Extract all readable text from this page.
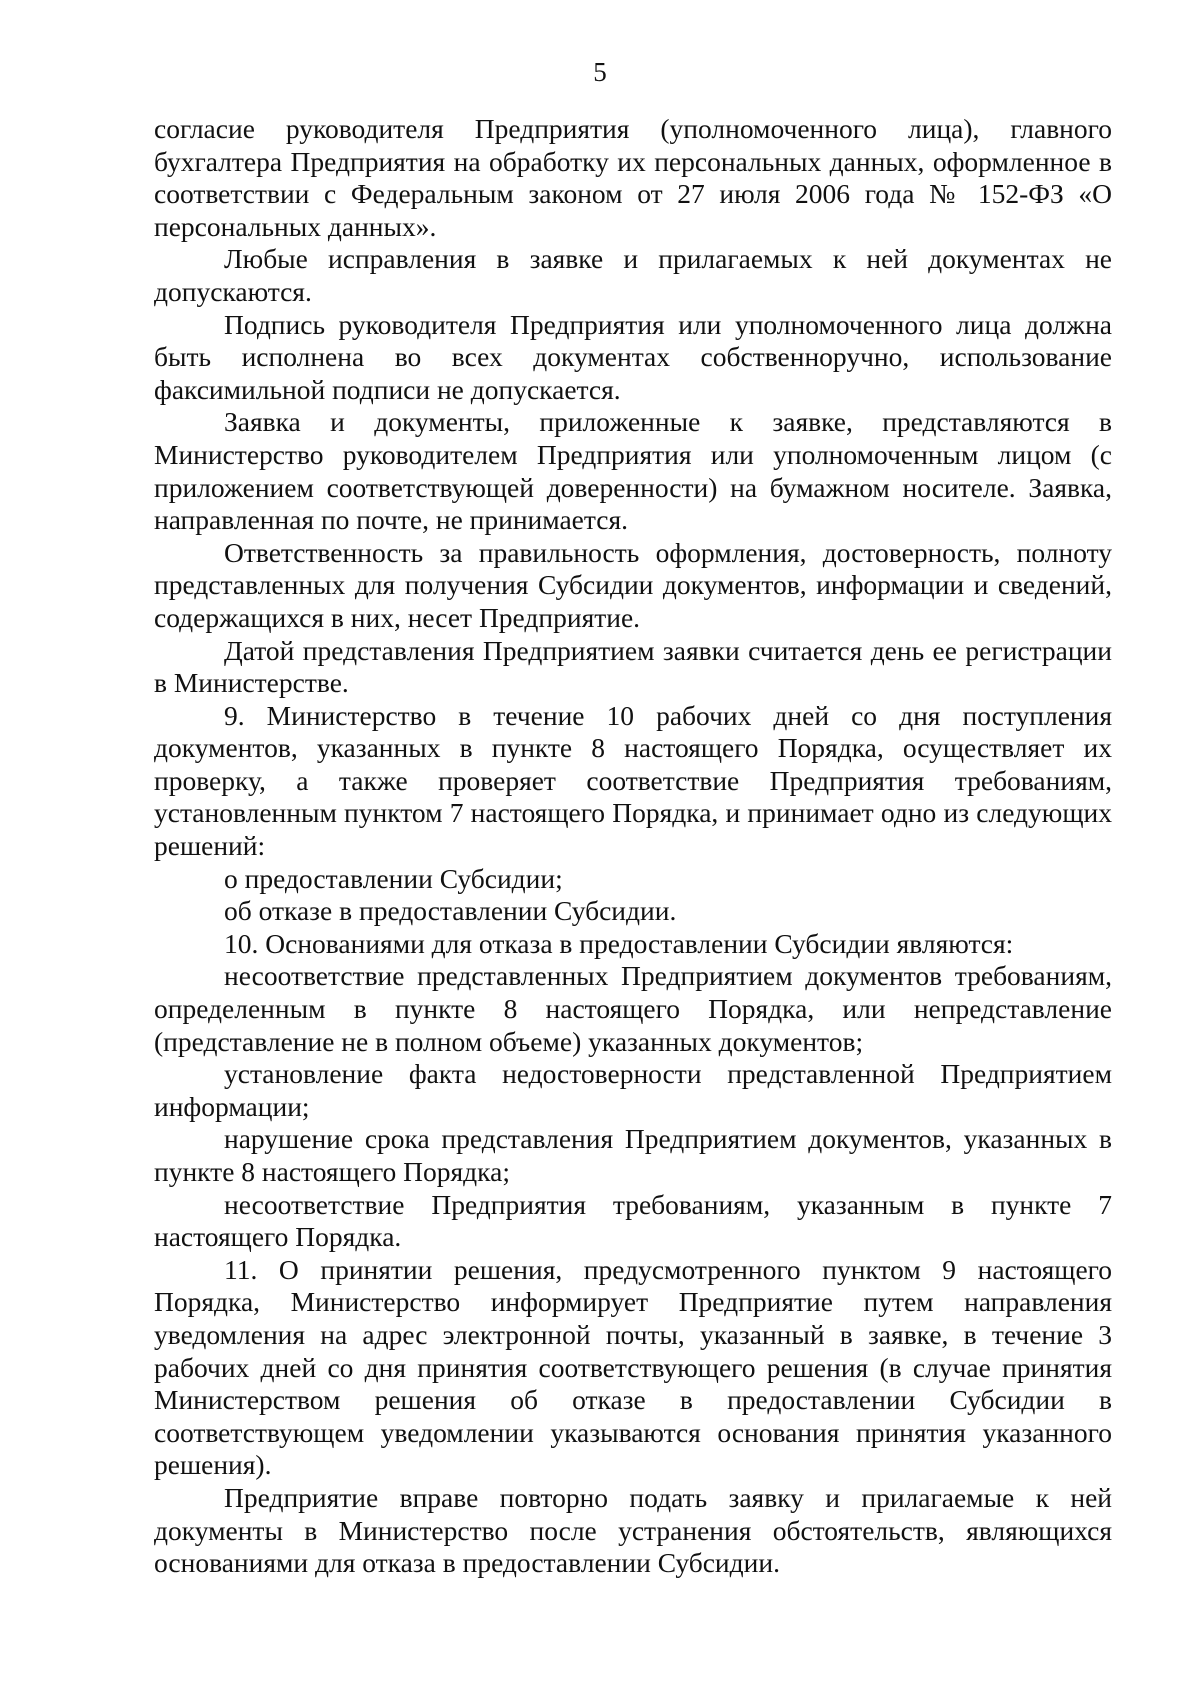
5

согласие руководителя Предприятия (уполномоченного лица), главного бухгалтера Предприятия на обработку их персональных данных, оформленное в соответствии с Федеральным законом от 27 июля 2006 года № 152-ФЗ «О персональных данных».

Любые исправления в заявке и прилагаемых к ней документах не допускаются.

Подпись руководителя Предприятия или уполномоченного лица должна быть исполнена во всех документах собственноручно, использование факсимильной подписи не допускается.

Заявка и документы, приложенные к заявке, представляются в Министерство руководителем Предприятия или уполномоченным лицом (с приложением соответствующей доверенности) на бумажном носителе. Заявка, направленная по почте, не принимается.

Ответственность за правильность оформления, достоверность, полноту представленных для получения Субсидии документов, информации и сведений, содержащихся в них, несет Предприятие.

Датой представления Предприятием заявки считается день ее регистрации в Министерстве.

9. Министерство в течение 10 рабочих дней со дня поступления документов, указанных в пункте 8 настоящего Порядка, осуществляет их проверку, а также проверяет соответствие Предприятия требованиям, установленным пунктом 7 настоящего Порядка, и принимает одно из следующих решений:

о предоставлении Субсидии;

об отказе в предоставлении Субсидии.

10. Основаниями для отказа в предоставлении Субсидии являются:

несоответствие представленных Предприятием документов требованиям, определенным в пункте 8 настоящего Порядка, или непредставление (представление не в полном объеме) указанных документов;

установление факта недостоверности представленной Предприятием информации;

нарушение срока представления Предприятием документов, указанных в пункте 8 настоящего Порядка;

несоответствие Предприятия требованиям, указанным в пункте 7 настоящего Порядка.

11. О принятии решения, предусмотренного пунктом 9 настоящего Порядка, Министерство информирует Предприятие путем направления уведомления на адрес электронной почты, указанный в заявке, в течение 3 рабочих дней со дня принятия соответствующего решения (в случае принятия Министерством решения об отказе в предоставлении Субсидии в соответствующем уведомлении указываются основания принятия указанного решения).

Предприятие вправе повторно подать заявку и прилагаемые к ней документы в Министерство после устранения обстоятельств, являющихся основаниями для отказа в предоставлении Субсидии.
